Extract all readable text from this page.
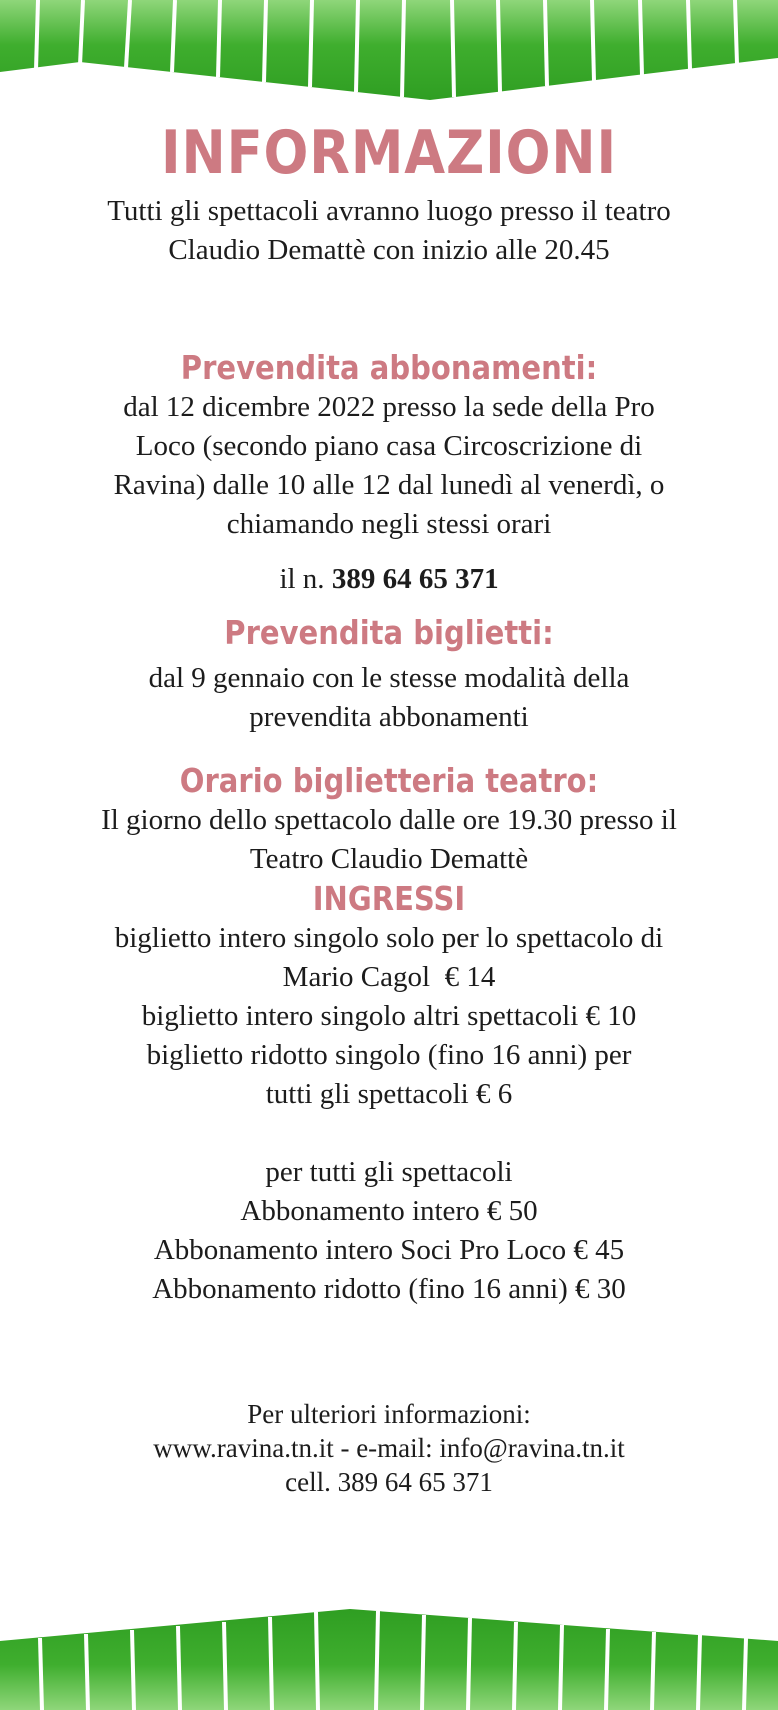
INFORMAZIONI

Tutti gli spettacoli avranno luogo presso il teatro
Claudio Demattè con inizio alle 20.45

Prevendita abbonamenti:

dal 12 dicembre 2022 presso la sede della Pro
Loco (secondo piano casa Circoscrizione di
Ravina) dalle 10 alle 12 dal lunedì al venerdì, o
chiamando negli stessi orari

il n. 389 64 65 371

Prevendita biglietti:

dal 9 gennaio con le stesse modalità della
prevendita abbonamenti

Orario biglietteria teatro:

Il giorno dello spettacolo dalle ore 19.30 presso il
Teatro Claudio Demattè

INGRESSI

biglietto intero singolo solo per lo spettacolo di
Mario Cagol  € 14
biglietto intero singolo altri spettacoli € 10
biglietto ridotto singolo (fino 16 anni) per
tutti gli spettacoli € 6

per tutti gli spettacoli
Abbonamento intero € 50
Abbonamento intero Soci Pro Loco € 45
Abbonamento ridotto (fino 16 anni) € 30

Per ulteriori informazioni:
www.ravina.tn.it - e-mail: info@ravina.tn.it
cell. 389 64 65 371
